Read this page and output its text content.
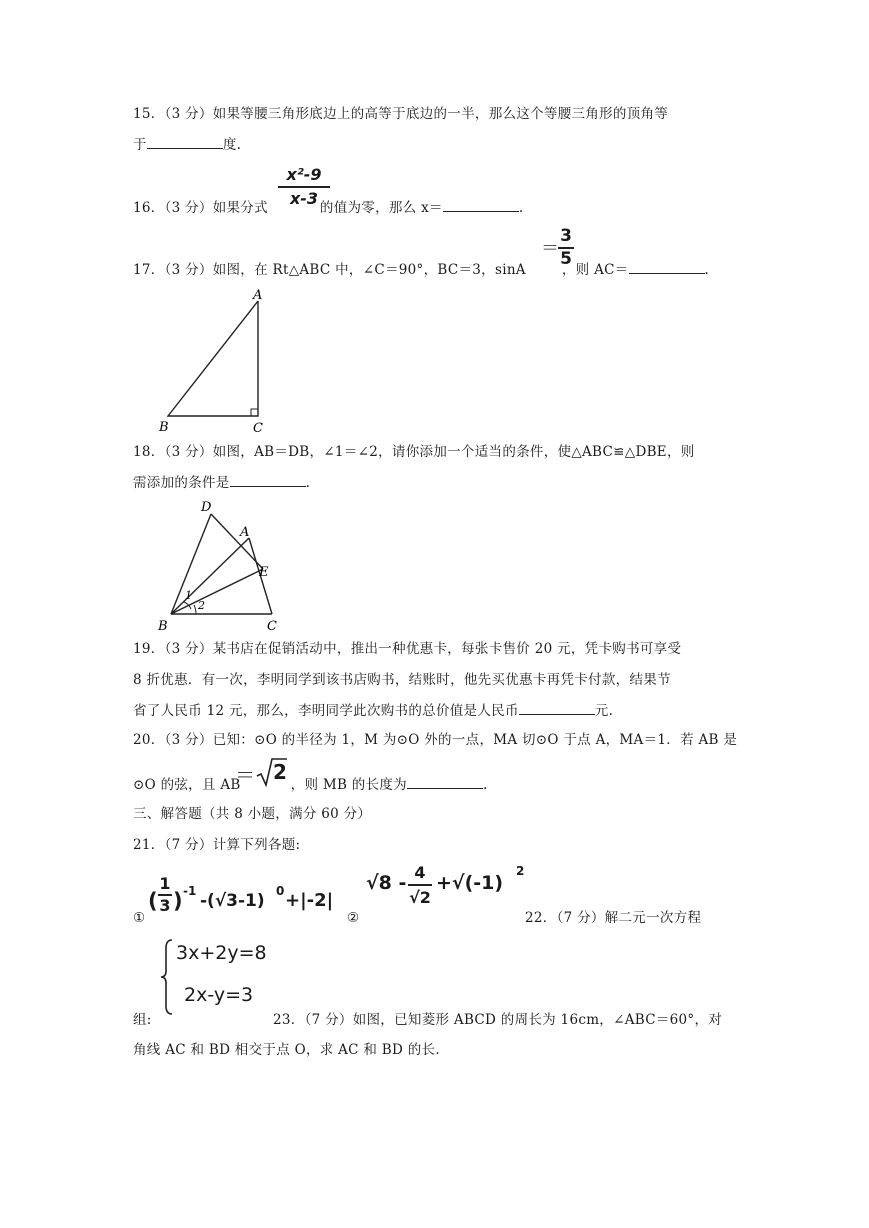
15．（3 分）如果等腰三角形底边上的高等于底边的一半，那么这个等腰三角形的顶角等
于	度.
16．（3 分）如果分式	的值为零，那么 x＝	.
$\frac{\text{x²-9}}{x-3}$
17．（3 分）如图，在 Rt△ABC 中，∠C＝90°，BC＝3，sinA	，则 AC＝	.
＝ $\frac{3}{5}$
A
B	C
18．（3 分）如图，AB＝DB，∠1＝∠2，请你添加一个适当的条件，使△ABC≌△DBE，则
需添加的条件是	.
D
A
E
B	C
1
2
19．（3 分）某书店在促销活动中，推出一种优惠卡，每张卡售价 20 元，凭卡购书可享受
8 折优惠．有一次，李明同学到该书店购书，结账时，他先买优惠卡再凭卡付款，结果节
省了人民币 12 元，那么，李明同学此次购书的总价值是人民币	元.
20．（3 分）已知：⊙O 的半径为 1，M 为⊙O 外的一点，MA 切⊙O 于点 A，MA＝1．若 AB 是
⊙O 的弦，且 AB	，则 MB 的长度为	.
＝ 2
三、解答题（共 8 小题，满分 60 分）
21．（7 分）计算下列各题:
①
( $\frac{1}{3}$ ) -1 -(√3-1) 0 +|-2|
②
$√8 - \frac{4}{√2} +√(-1)$
2
22．（7 分）解二元一次方程
3x+2y=8
2x-y=3
组:	23．（7 分）如图，已知菱形 ABCD 的周长为 16cm，∠ABC＝60°，对
角线 AC 和 BD 相交于点 O，求 AC 和 BD 的长.
